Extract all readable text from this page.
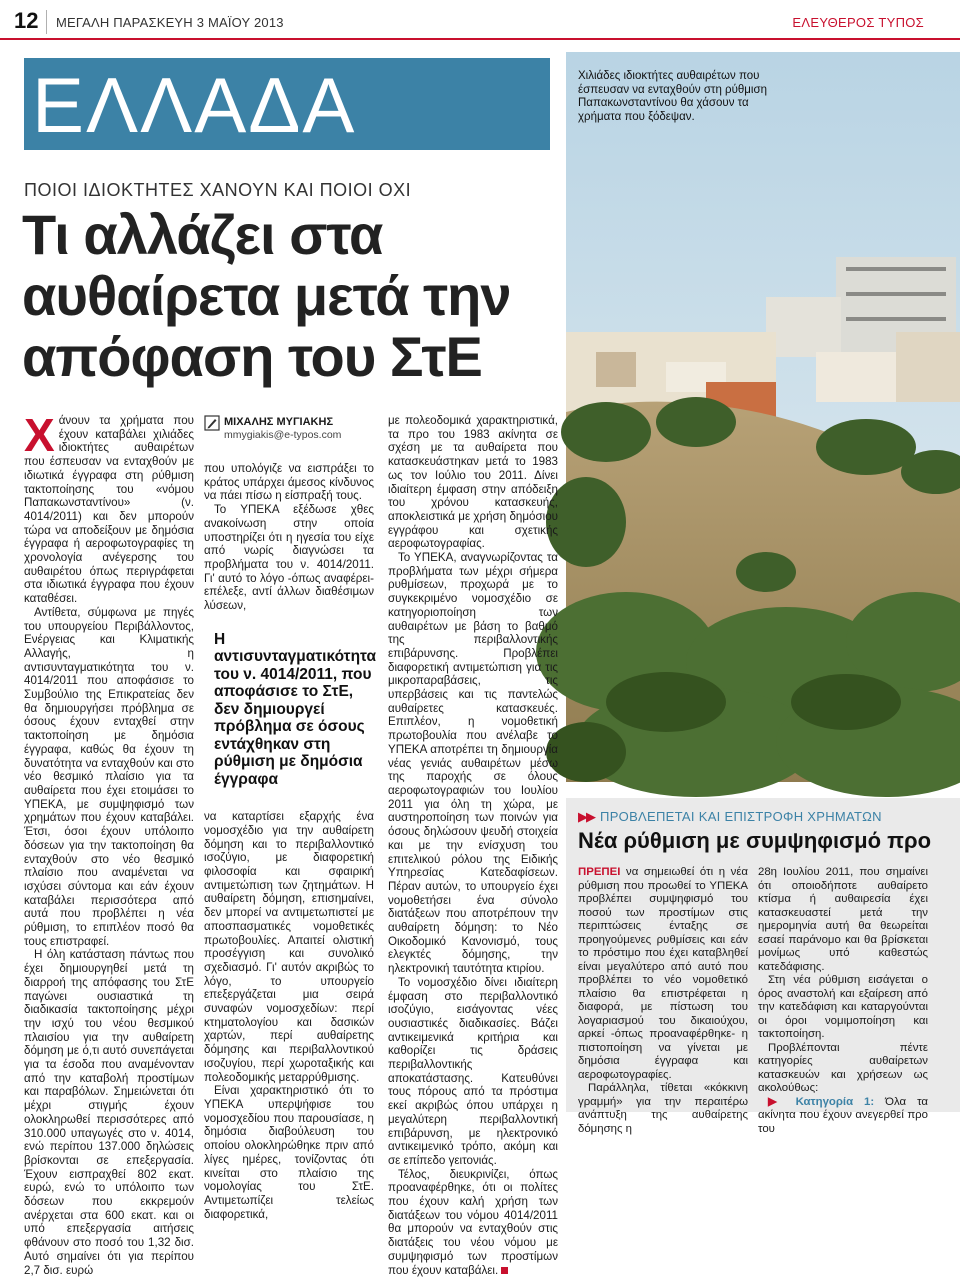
12 ΜΕΓΑΛΗ ΠΑΡΑΣΚΕΥΗ 3 ΜΑΪΟΥ 2013	ΕΛΕΥΘΕΡΟΣ ΤΥΠΟΣ
ΕΛΛΑΔΑ	Χιλιάδες ιδιοκτήτες αυθαιρέτων που έσπευσαν να ενταχθούν στη ρύθμιση Παπακωνσταντίνου θα χάσουν τα χρήματα που ξόδεψαν.
ΠΟΙΟΙ ΙΔΙΟΚΤΗΤΕΣ ΧΑΝΟΥΝ ΚΑΙ ΠΟΙΟΙ ΟΧΙ
Τι αλλάζει στα
αυθαίρετα μετά την
απόφαση του ΣτΕ

Χάνουν τα χρήματα που έχουν καταβάλει χιλιάδες ιδιοκτήτες αυθαιρέτων που έσπευσαν να ενταχθούν με ιδιωτικά έγγραφα στη ρύθμιση τακτοποίησης του «νόμου Παπακωνσταντίνου» (ν. 4014/2011) και δεν μπορούν τώρα να αποδείξουν με δημόσια έγγραφα ή αεροφωτογραφίες τη χρονολογία ανέγερσης του αυθαιρέτου όπως περιγράφεται στα ιδιωτικά έγγραφα που έχουν καταθέσει.

Αντίθετα, σύμφωνα με πηγές του υπουργείου Περιβάλλοντος, Ενέργειας και Κλιματικής Αλλαγής, η αντισυνταγματικότητα του ν. 4014/2011 που αποφάσισε το Συμβούλιο της Επικρατείας δεν θα δημιουργήσει πρόβλημα σε όσους έχουν ενταχθεί στην τακτοποίηση με δημόσια έγγραφα, καθώς θα έχουν τη δυνατότητα να ενταχθούν και στο νέο θεσμικό πλαίσιο για τα αυθαίρετα που έχει ετοιμάσει το ΥΠΕΚΑ, με συμψηφισμό των χρημάτων που έχουν καταβάλει. Έτσι, όσοι έχουν υπόλοιπο δόσεων για την τακτοποίηση θα ενταχθούν στο νέο θεσμικό πλαίσιο που αναμένεται να ισχύσει σύντομα και εάν έχουν καταβάλει περισσότερα από αυτά που προβλέπει η νέα ρύθμιση, το επιπλέον ποσό θα τους επιστραφεί.

Η όλη κατάσταση πάντως που έχει δημιουργηθεί μετά τη διαρροή της απόφασης του ΣτΕ παγώνει ουσιαστικά τη διαδικασία τακτοποίησης μέχρι την ισχύ του νέου θεσμικού πλαισίου για την αυθαίρετη δόμηση με ό,τι αυτό συνεπάγεται για τα έσοδα που αναμένονταν από την καταβολή προστίμων και παραβόλων. Σημειώνεται ότι μέχρι στιγμής έχουν ολοκληρωθεί περισσότερες από 310.000 υπαγωγές στο ν. 4014, ενώ περίπου 137.000 δηλώσεις βρίσκονται σε επεξεργασία. Έχουν εισπραχθεί 802 εκατ. ευρώ, ενώ το υπόλοιπο των δόσεων που εκκρεμούν ανέρχεται στα 600 εκατ. και οι υπό επεξεργασία αιτήσεις φθάνουν στο ποσό του 1,32 δισ. Αυτό σημαίνει ότι για περίπου 2,7 δισ. ευρώ

ΜΙΧΑΛΗΣ ΜΥΓΙΑΚΗΣ
mmygiakis@e-typos.com

που υπολόγιζε να εισπράξει το κράτος υπάρχει άμεσος κίνδυνος να πάει πίσω η είσπραξή τους.

Το ΥΠΕΚΑ εξέδωσε χθες ανακοίνωση στην οποία υποστηρίζει ότι η ηγεσία του είχε από νωρίς διαγνώσει τα προβλήματα του ν. 4014/2011. Γι' αυτό το λόγο -όπως αναφέρει- επέλεξε, αντί άλλων διαθέσιμων λύσεων,

Η αντισυνταγματικότητα του ν. 4014/2011, που αποφάσισε το ΣτΕ, δεν δημιουργεί πρόβλημα σε όσους εντάχθηκαν στη ρύθμιση με δημόσια έγγραφα

να καταρτίσει εξαρχής ένα νομοσχέδιο για την αυθαίρετη δόμηση και το περιβαλλοντικό ισοζύγιο, με διαφορετική φιλοσοφία και σφαιρική αντιμετώπιση των ζητημάτων. Η αυθαίρετη δόμηση, επισημαίνει, δεν μπορεί να αντιμετωπιστεί με αποσπασματικές νομοθετικές πρωτοβουλίες. Απαιτεί ολιστική προσέγγιση και συνολικό σχεδιασμό. Γι' αυτόν ακριβώς το λόγο, το υπουργείο επεξεργάζεται μια σειρά συναφών νομοσχεδίων: περί κτηματολογίου και δασικών χαρτών, περί αυθαίρετης δόμησης και περιβαλλοντικού ισοζυγίου, περί χωροταξικής και πολεοδομικής μεταρρύθμισης.

Είναι χαρακτηριστικό ότι το ΥΠΕΚΑ υπερψήφισε του νομοσχεδίου που παρουσίασε, η δημόσια διαβούλευση του οποίου ολοκληρώθηκε πριν από λίγες ημέρες, τονίζοντας ότι κινείται στο πλαίσιο της νομολογίας του ΣτΕ. Αντιμετωπίζει τελείως διαφορετικά,

με πολεοδομικά χαρακτηριστικά, τα προ του 1983 ακίνητα σε σχέση με τα αυθαίρετα που κατασκευάστηκαν μετά το 1983 ως τον Ιούλιο του 2011. Δίνει ιδιαίτερη έμφαση στην απόδειξη του χρόνου κατασκευής, αποκλειστικά με χρήση δημόσιου εγγράφου και σχετικής αεροφωτογραφίας.

Το ΥΠΕΚΑ, αναγνωρίζοντας τα προβλήματα των μέχρι σήμερα ρυθμίσεων, προχωρά με το συγκεκριμένο νομοσχέδιο σε κατηγοριοποίηση των αυθαιρέτων με βάση το βαθμό της περιβαλλοντικής επιβάρυνσης. Προβλέπει διαφορετική αντιμετώπιση για τις μικροπαραβάσεις, τις υπερβάσεις και τις παντελώς αυθαίρετες κατασκευές. Επιπλέον, η νομοθετική πρωτοβουλία που ανέλαβε το ΥΠΕΚΑ αποτρέπει τη δημιουργία νέας γενιάς αυθαιρέτων μέσω της παροχής σε όλους αεροφωτογραφιών του Ιουλίου 2011 για όλη τη χώρα, με αυστηροποίηση των ποινών για όσους δηλώσουν ψευδή στοιχεία και με την ενίσχυση του επιτελικού ρόλου της Ειδικής Υπηρεσίας Κατεδαφίσεων. Πέραν αυτών, το υπουργείο έχει νομοθετήσει ένα σύνολο διατάξεων που αποτρέπουν την αυθαίρετη δόμηση: το Νέο Οικοδομικό Κανονισμό, τους ελεγκτές δόμησης, την ηλεκτρονική ταυτότητα κτιρίου.

Το νομοσχέδιο δίνει ιδιαίτερη έμφαση στο περιβαλλοντικό ισοζύγιο, εισάγοντας νέες ουσιαστικές διαδικασίες. Βάζει αντικειμενικά κριτήρια και καθορίζει τις δράσεις περιβαλλοντικής αποκατάστασης. Κατευθύνει τους πόρους από τα πρόστιμα εκεί ακριβώς όπου υπάρχει η μεγαλύτερη περιβαλλοντική επιβάρυνση, με ηλεκτρονικό αντικειμενικό τρόπο, ακόμη και σε επίπεδο γειτονιάς.

Τέλος, διευκρινίζει, όπως προαναφέρθηκε, ότι οι πολίτες που έχουν καλή χρήση των διατάξεων του νόμου 4014/2011 θα μπορούν να ενταχθούν στις διατάξεις του νέου νόμου με συμψηφισμό των προστίμων που έχουν καταβάλει.

▶▶ ΠΡΟΒΛΕΠΕΤΑΙ ΚΑΙ ΕΠΙΣΤΡΟΦΗ ΧΡΗΜΑΤΩΝ
Νέα ρύθμιση με συμψηφισμό προ

ΠΡΕΠΕΙ να σημειωθεί ότι η νέα ρύθμιση που προωθεί το ΥΠΕΚΑ προβλέπει συμψηφισμό του ποσού των προστίμων στις περιπτώσεις ένταξης σε προηγούμενες ρυθμίσεις και εάν το πρόστιμο που έχει καταβληθεί είναι μεγαλύτερο από αυτό που προβλέπει το νέο νομοθετικό πλαίσιο θα επιστρέφεται η διαφορά, με πίστωση του λογαριασμού του δικαιούχου, αρκεί -όπως προαναφέρθηκε- η πιστοποίηση να γίνεται με δημόσια έγγραφα και αεροφωτογραφίες.

Παράλληλα, τίθεται «κόκκινη γραμμή» για την περαιτέρω ανάπτυξη της αυθαίρετης δόμησης η

28η Ιουλίου 2011, που σημαίνει ότι οποιοδήποτε αυθαίρετο κτίσμα ή αυθαιρεσία έχει κατασκευαστεί μετά την ημερομηνία αυτή θα θεωρείται εσαεί παράνομο και θα βρίσκεται μονίμως υπό καθεστώς κατεδάφισης.

Στη νέα ρύθμιση εισάγεται ο όρος αναστολή και εξαίρεση από την κατεδάφιση και καταργούνται οι όροι νομιμοποίηση και τακτοποίηση.

Προβλέπονται πέντε κατηγορίες αυθαίρετων κατασκευών και χρήσεων ως ακολούθως:

▶ Κατηγορία 1: Όλα τα ακίνητα που έχουν ανεγερθεί προ του
